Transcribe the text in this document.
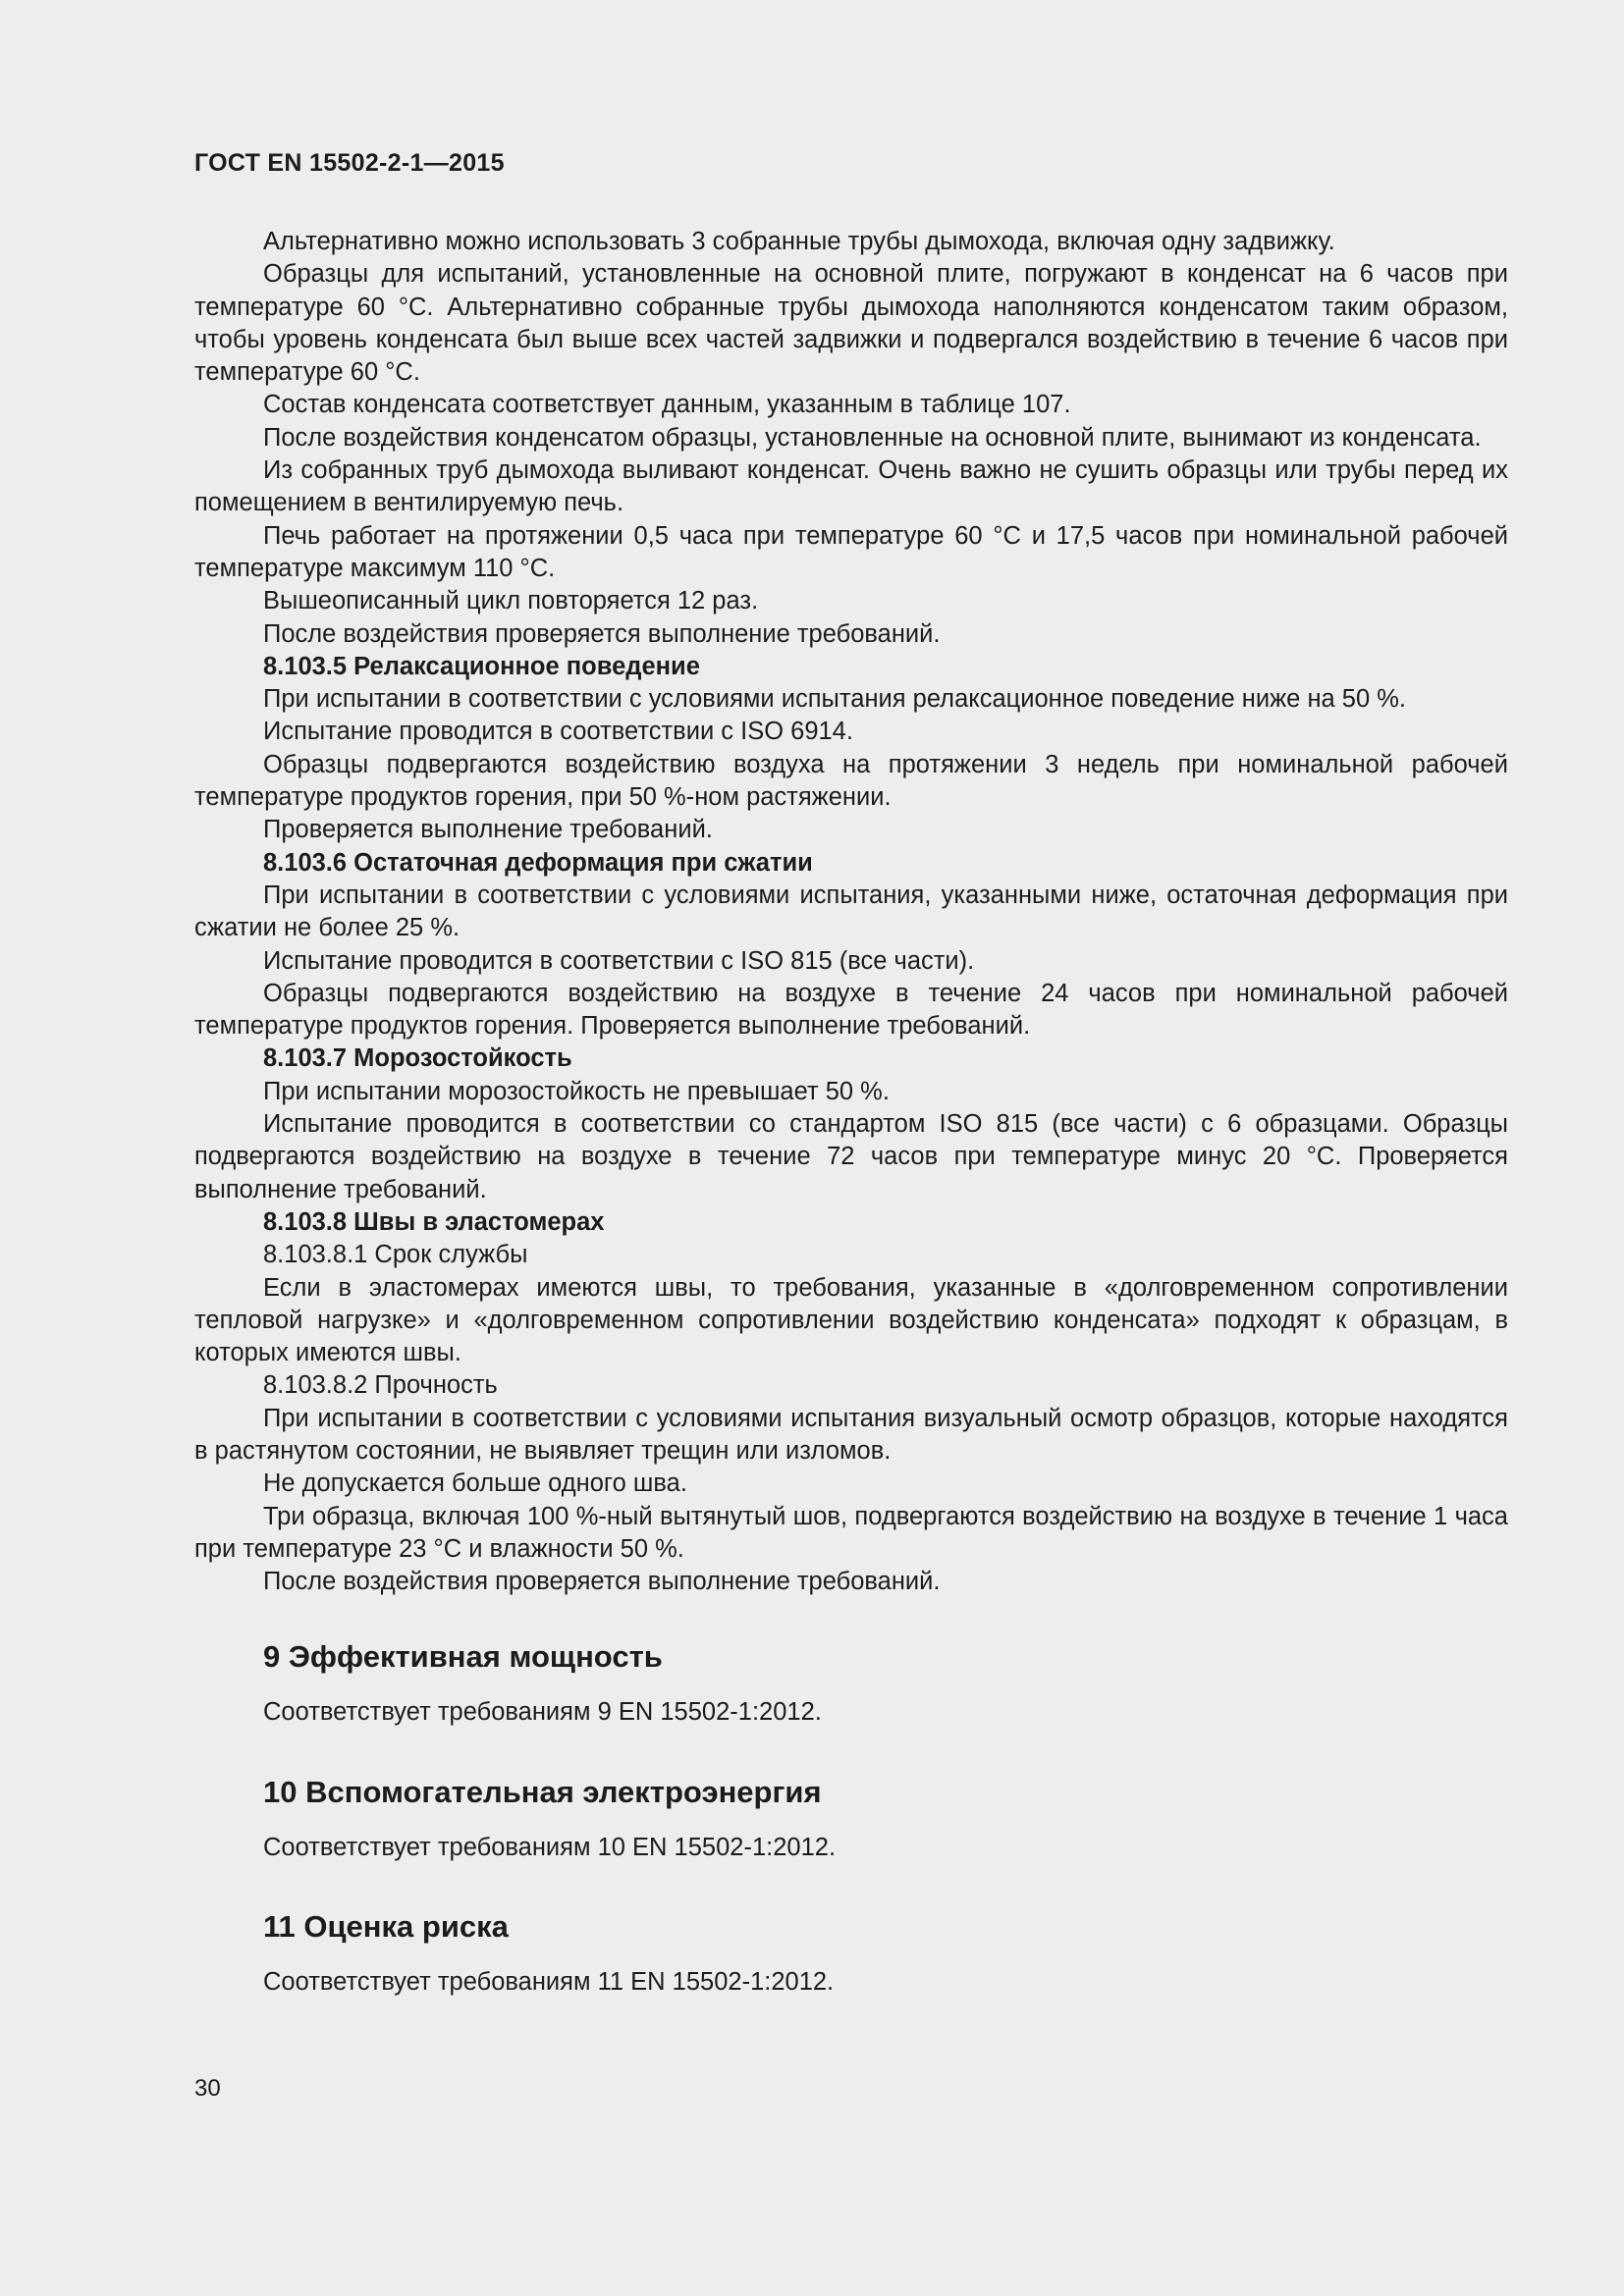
ГОСТ EN 15502-2-1—2015

Альтернативно можно использовать 3 собранные трубы дымохода, включая одну задвижку.

Образцы для испытаний, установленные на основной плите, погружают в конденсат на 6 часов при температуре 60 °С. Альтернативно собранные трубы дымохода наполняются конденсатом таким образом, чтобы уровень конденсата был выше всех частей задвижки и подвергался воздействию в течение 6 часов при температуре 60 °С.

Состав конденсата соответствует данным, указанным в таблице 107.

После воздействия конденсатом образцы, установленные на основной плите, вынимают из конденсата.

Из собранных труб дымохода выливают конденсат. Очень важно не сушить образцы или трубы перед их помещением в вентилируемую печь.

Печь работает на протяжении 0,5 часа при температуре 60 °С и 17,5 часов при номинальной рабочей температуре максимум 110 °С.

Вышеописанный цикл повторяется 12 раз.

После воздействия проверяется выполнение требований.

8.103.5 Релаксационное поведение

При испытании в соответствии с условиями испытания релаксационное поведение ниже на 50 %.

Испытание проводится в соответствии с ISO 6914.

Образцы подвергаются воздействию воздуха на протяжении 3 недель при номинальной рабочей температуре продуктов горения, при 50 %-ном растяжении.

Проверяется выполнение требований.

8.103.6 Остаточная деформация при сжатии

При испытании в соответствии с условиями испытания, указанными ниже, остаточная деформация при сжатии не более 25 %.

Испытание проводится в соответствии с ISO 815 (все части).

Образцы подвергаются воздействию на воздухе в течение 24 часов при номинальной рабочей температуре продуктов горения. Проверяется выполнение требований.

8.103.7 Морозостойкость

При испытании морозостойкость не превышает 50 %.

Испытание проводится в соответствии со стандартом ISO 815 (все части) с 6 образцами. Образцы подвергаются воздействию на воздухе в течение 72 часов при температуре минус 20 °С. Проверяется выполнение требований.

8.103.8 Швы в эластомерах

8.103.8.1 Срок службы

Если в эластомерах имеются швы, то требования, указанные в «долговременном сопротивлении тепловой нагрузке» и «долговременном сопротивлении воздействию конденсата» подходят к образцам, в которых имеются швы.

8.103.8.2 Прочность

При испытании в соответствии с условиями испытания визуальный осмотр образцов, которые находятся в растянутом состоянии, не выявляет трещин или изломов.

Не допускается больше одного шва.

Три образца, включая 100 %-ный вытянутый шов, подвергаются воздействию на воздухе в течение 1 часа при температуре 23 °С и влажности 50 %.

После воздействия проверяется выполнение требований.

9 Эффективная мощность

Соответствует требованиям 9 EN 15502-1:2012.

10 Вспомогательная электроэнергия

Соответствует требованиям 10 EN 15502-1:2012.

11 Оценка риска

Соответствует требованиям 11 EN 15502-1:2012.

30
